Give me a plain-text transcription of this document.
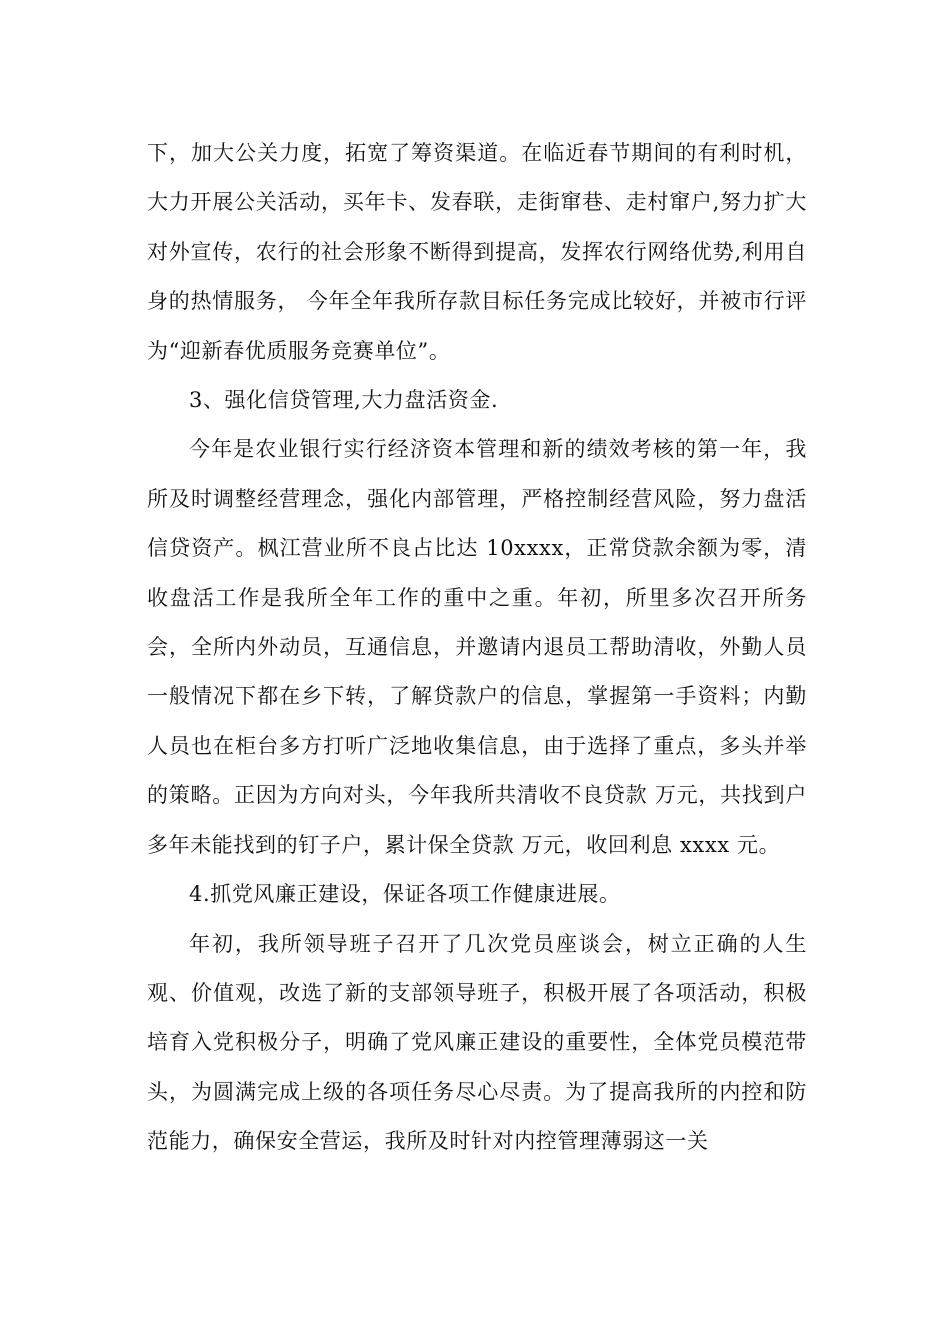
下，加大公关力度，拓宽了筹资渠道。在临近春节期间的有利时机，大力开展公关活动，买年卡、发春联，走街窜巷、走村窜户,努力扩大对外宣传，农行的社会形象不断得到提高，发挥农行网络优势,利用自身的热情服务， 今年全年我所存款目标任务完成比较好，并被市行评为“迎新春优质服务竞赛单位”。

3、强化信贷管理,大力盘活资金.

今年是农业银行实行经济资本管理和新的绩效考核的第一年，我所及时调整经营理念，强化内部管理，严格控制经营风险，努力盘活信贷资产。枫江营业所不良占比达 10xxxx，正常贷款余额为零，清收盘活工作是我所全年工作的重中之重。年初，所里多次召开所务会，全所内外动员，互通信息，并邀请内退员工帮助清收，外勤人员一般情况下都在乡下转，了解贷款户的信息，掌握第一手资料；内勤人员也在柜台多方打听广泛地收集信息，由于选择了重点，多头并举的策略。正因为方向对头，今年我所共清收不良贷款 万元，共找到户多年未能找到的钉子户，累计保全贷款 万元，收回利息 xxxx 元。

4.抓党风廉正建设，保证各项工作健康进展。

年初，我所领导班子召开了几次党员座谈会，树立正确的人生观、价值观，改选了新的支部领导班子，积极开展了各项活动，积极培育入党积极分子，明确了党风廉正建设的重要性，全体党员模范带头，为圆满完成上级的各项任务尽心尽责。为了提高我所的内控和防范能力，确保安全营运，我所及时针对内控管理薄弱这一关
